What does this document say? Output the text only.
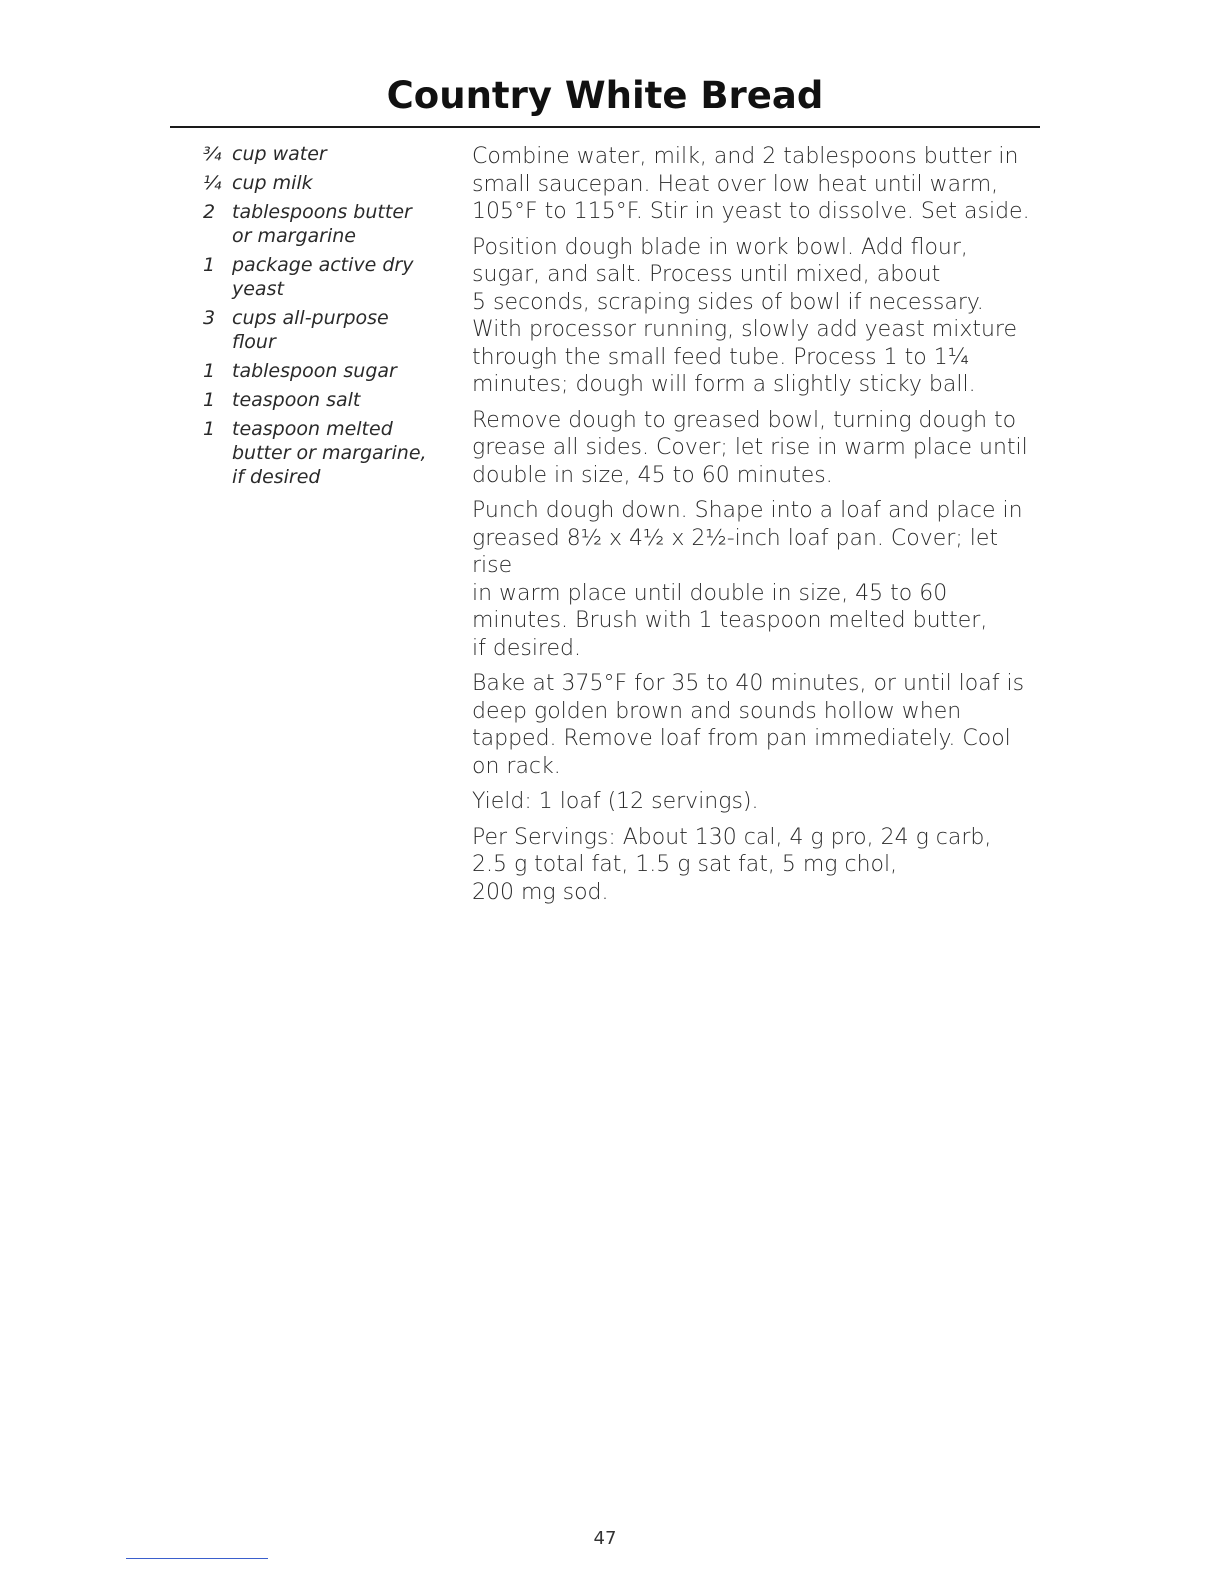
Country White Bread
¾ cup water
¼ cup milk
2 tablespoons butter
or margarine
1 package active dry
yeast
3 cups all-purpose
flour
1 tablespoon sugar
1 teaspoon salt
1 teaspoon melted
butter or margarine,
if desired

Combine water, milk, and 2 tablespoons butter in
small saucepan. Heat over low heat until warm,
105°F to 115°F. Stir in yeast to dissolve. Set aside.

Position dough blade in work bowl. Add flour,
sugar, and salt. Process until mixed, about
5 seconds, scraping sides of bowl if necessary.
With processor running, slowly add yeast mixture
through the small feed tube. Process 1 to 1¼
minutes; dough will form a slightly sticky ball.

Remove dough to greased bowl, turning dough to
grease all sides. Cover; let rise in warm place until
double in size, 45 to 60 minutes.

Punch dough down. Shape into a loaf and place in
greased 8½ x 4½ x 2½-inch loaf pan. Cover; let rise
in warm place until double in size, 45 to 60
minutes. Brush with 1 teaspoon melted butter,
if desired.

Bake at 375°F for 35 to 40 minutes, or until loaf is
deep golden brown and sounds hollow when
tapped. Remove loaf from pan immediately. Cool
on rack.

Yield: 1 loaf (12 servings).

Per Servings: About 130 cal, 4 g pro, 24 g carb,
2.5 g total fat, 1.5 g sat fat, 5 mg chol,
200 mg sod.

47
